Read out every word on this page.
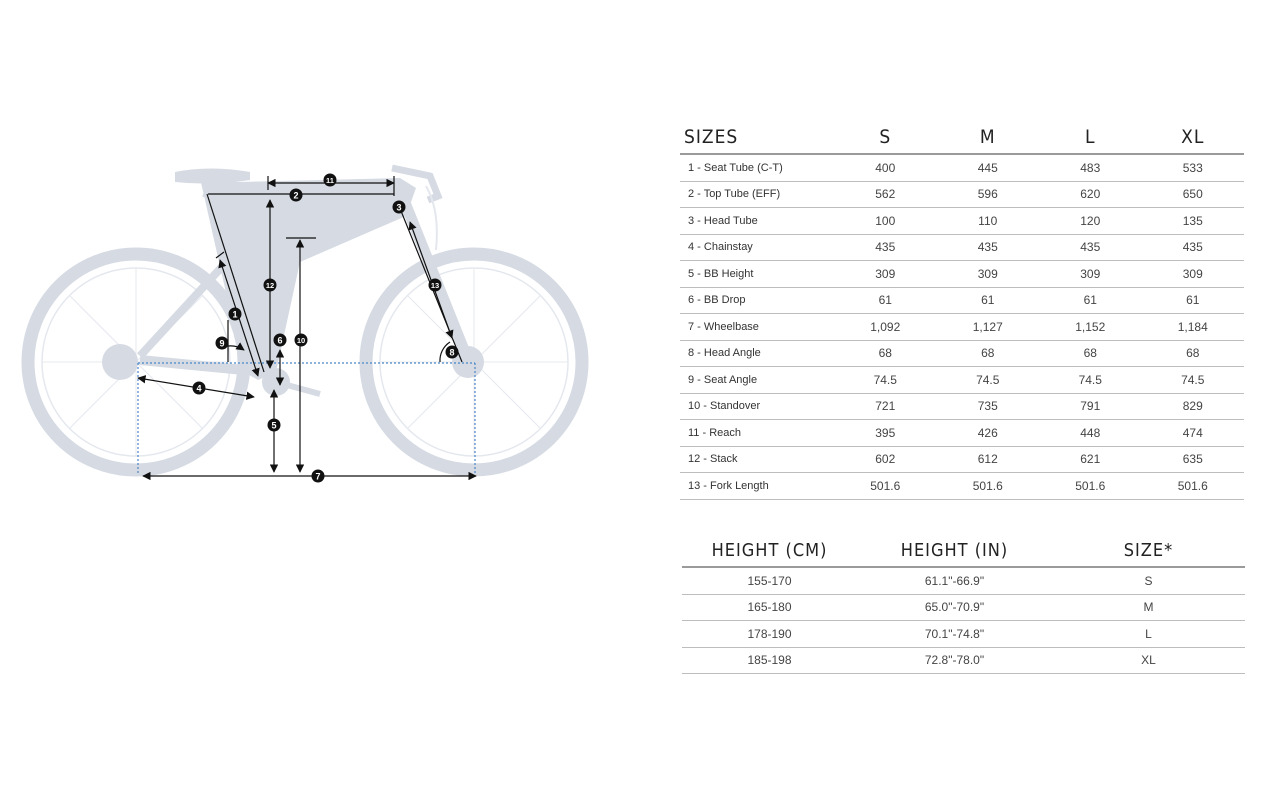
1
2
3
4
5
6
7
8
9	10
11
12	13
SIZES	S	M	L	XL
1 - Seat Tube (C-T)	400	445	483	533
2 - Top Tube (EFF)	562	596	620	650
3 - Head Tube	100	110	120	135
4 - Chainstay	435	435	435	435
5 - BB Height	309	309	309	309
6 - BB Drop	61	61	61	61
7 - Wheelbase	1,092	1,127	1,152	1,184
8 - Head Angle	68	68	68	68
9 - Seat Angle	74.5	74.5	74.5	74.5
10 - Standover	721	735	791	829
11 - Reach	395	426	448	474
12 - Stack	602	612	621	635
13 - Fork Length	501.6	501.6	501.6	501.6
HEIGHT (CM)	HEIGHT (IN)	SIZE*
155-170	61.1"-66.9"	S
165-180	65.0"-70.9"	M
178-190	70.1"-74.8"	L
185-198	72.8"-78.0"	XL
